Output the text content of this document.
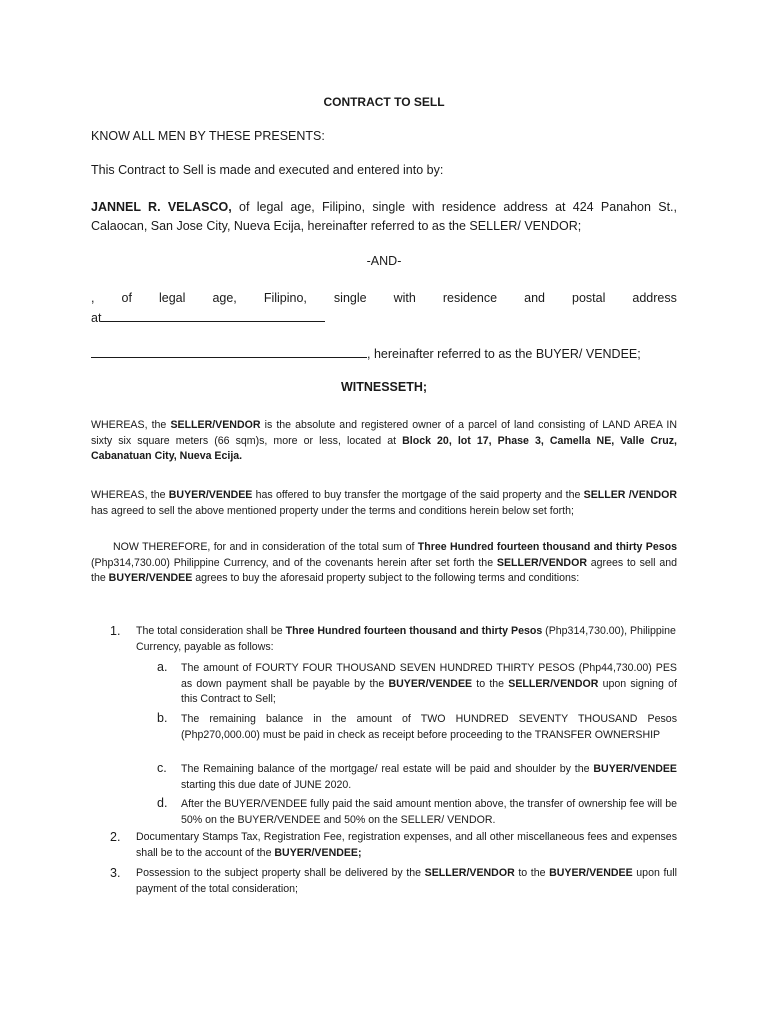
CONTRACT TO SELL

KNOW ALL MEN BY THESE PRESENTS:

This Contract to Sell is made and executed and entered into by:

JANNEL R. VELASCO, of legal age, Filipino, single with residence address at 424 Panahon St., Calaocan, San Jose City, Nueva Ecija, hereinafter referred to as the SELLER/ VENDOR;

-AND-

, of legal age, Filipino, single with residence and postal address
at

, hereinafter referred to as the BUYER/ VENDEE;

WITNESSETH;

WHEREAS, the SELLER/VENDOR is the absolute and registered owner of a parcel of land consisting of LAND AREA IN sixty six square meters (66 sqm)s, more or less, located at Block 20, lot 17, Phase 3, Camella NE, Valle Cruz, Cabanatuan City, Nueva Ecija.

WHEREAS, the BUYER/VENDEE has offered to buy transfer the mortgage of the said property and the SELLER /VENDOR has agreed to sell the above mentioned property under the terms and conditions herein below set forth;

NOW THEREFORE, for and in consideration of the total sum of Three Hundred fourteen thousand and thirty Pesos (Php314,730.00) Philippine Currency, and of the covenants herein after set forth the SELLER/VENDOR agrees to sell and the BUYER/VENDEE agrees to buy the aforesaid property subject to the following terms and conditions:

1. The total consideration shall be Three Hundred fourteen thousand and thirty Pesos (Php314,730.00), Philippine Currency, payable as follows:
a. The amount of FOURTY FOUR THOUSAND SEVEN HUNDRED THIRTY PESOS (Php44,730.00) PES as down payment shall be payable by the BUYER/VENDEE to the SELLER/VENDOR upon signing of this Contract to Sell;
b. The remaining balance in the amount of TWO HUNDRED SEVENTY THOUSAND Pesos (Php270,000.00) must be paid in check as receipt before proceeding to the TRANSFER OWNERSHIP
c. The Remaining balance of the mortgage/ real estate will be paid and shoulder by the BUYER/VENDEE starting this due date of JUNE 2020.
d. After the BUYER/VENDEE fully paid the said amount mention above, the transfer of ownership fee will be 50% on the BUYER/VENDEE and 50% on the SELLER/ VENDOR.
2. Documentary Stamps Tax, Registration Fee, registration expenses, and all other miscellaneous fees and expenses shall be to the account of the BUYER/VENDEE;
3. Possession to the subject property shall be delivered by the SELLER/VENDOR to the BUYER/VENDEE upon full payment of the total consideration;
